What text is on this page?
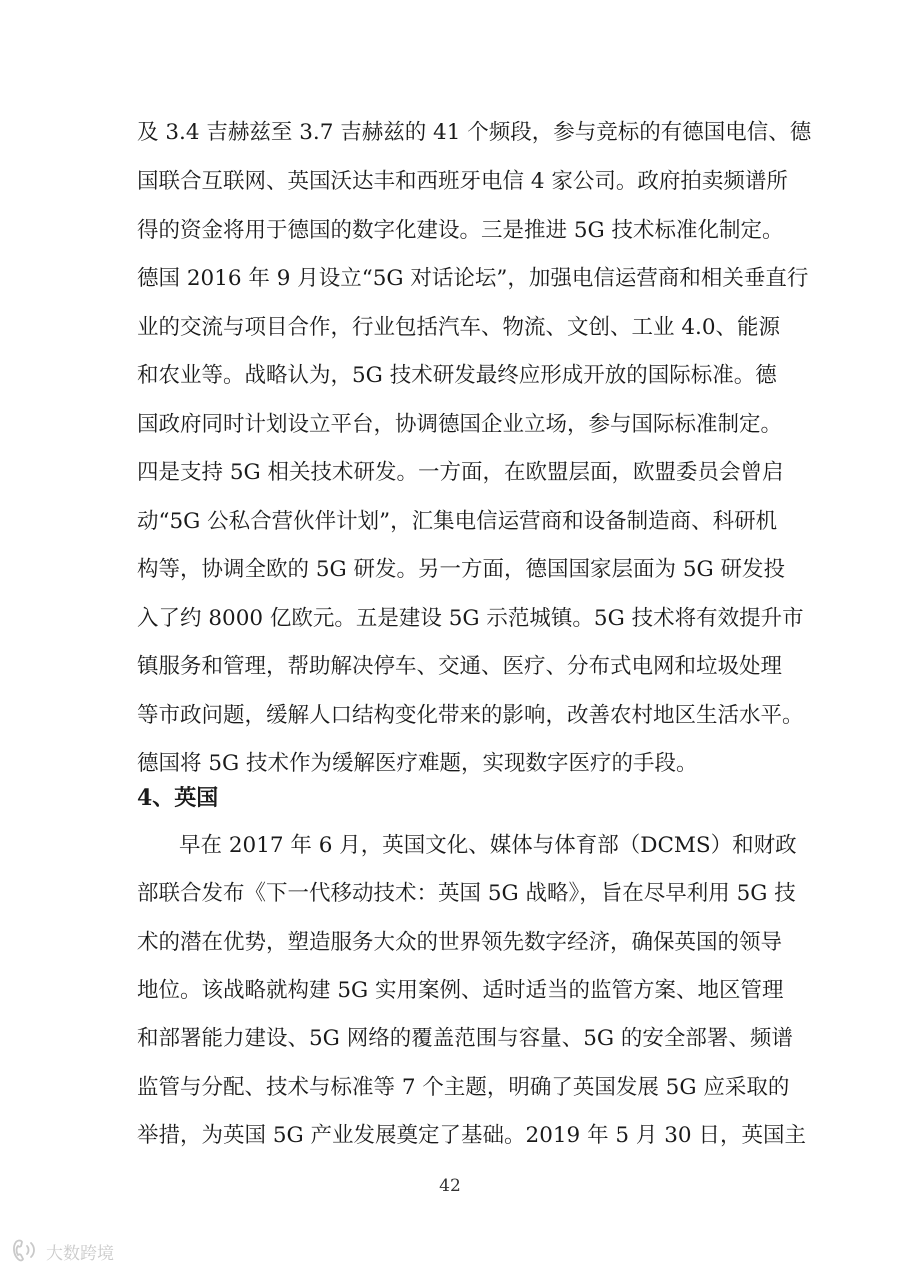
及 3.4 吉赫兹至 3.7 吉赫兹的 41 个频段，参与竞标的有德国电信、德
国联合互联网、英国沃达丰和西班牙电信 4 家公司。政府拍卖频谱所
得的资金将用于德国的数字化建设。三是推进 5G 技术标准化制定。
德国 2016 年 9 月设立“5G 对话论坛”，加强电信运营商和相关垂直行
业的交流与项目合作，行业包括汽车、物流、文创、工业 4.0、能源
和农业等。战略认为，5G 技术研发最终应形成开放的国际标准。德
国政府同时计划设立平台，协调德国企业立场，参与国际标准制定。
四是支持 5G 相关技术研发。一方面，在欧盟层面，欧盟委员会曾启
动“5G 公私合营伙伴计划”，汇集电信运营商和设备制造商、科研机
构等，协调全欧的 5G 研发。另一方面，德国国家层面为 5G 研发投
入了约 8000 亿欧元。五是建设 5G 示范城镇。5G 技术将有效提升市
镇服务和管理，帮助解决停车、交通、医疗、分布式电网和垃圾处理
等市政问题，缓解人口结构变化带来的影响，改善农村地区生活水平。
德国将 5G 技术作为缓解医疗难题，实现数字医疗的手段。
4、英国
早在 2017 年 6 月，英国文化、媒体与体育部（DCMS）和财政
部联合发布《下一代移动技术：英国 5G 战略》，旨在尽早利用 5G 技
术的潜在优势，塑造服务大众的世界领先数字经济，确保英国的领导
地位。该战略就构建 5G 实用案例、适时适当的监管方案、地区管理
和部署能力建设、5G 网络的覆盖范围与容量、5G 的安全部署、频谱
监管与分配、技术与标准等 7 个主题，明确了英国发展 5G 应采取的
举措，为英国 5G 产业发展奠定了基础。2019 年 5 月 30 日，英国主
42
大数跨境
